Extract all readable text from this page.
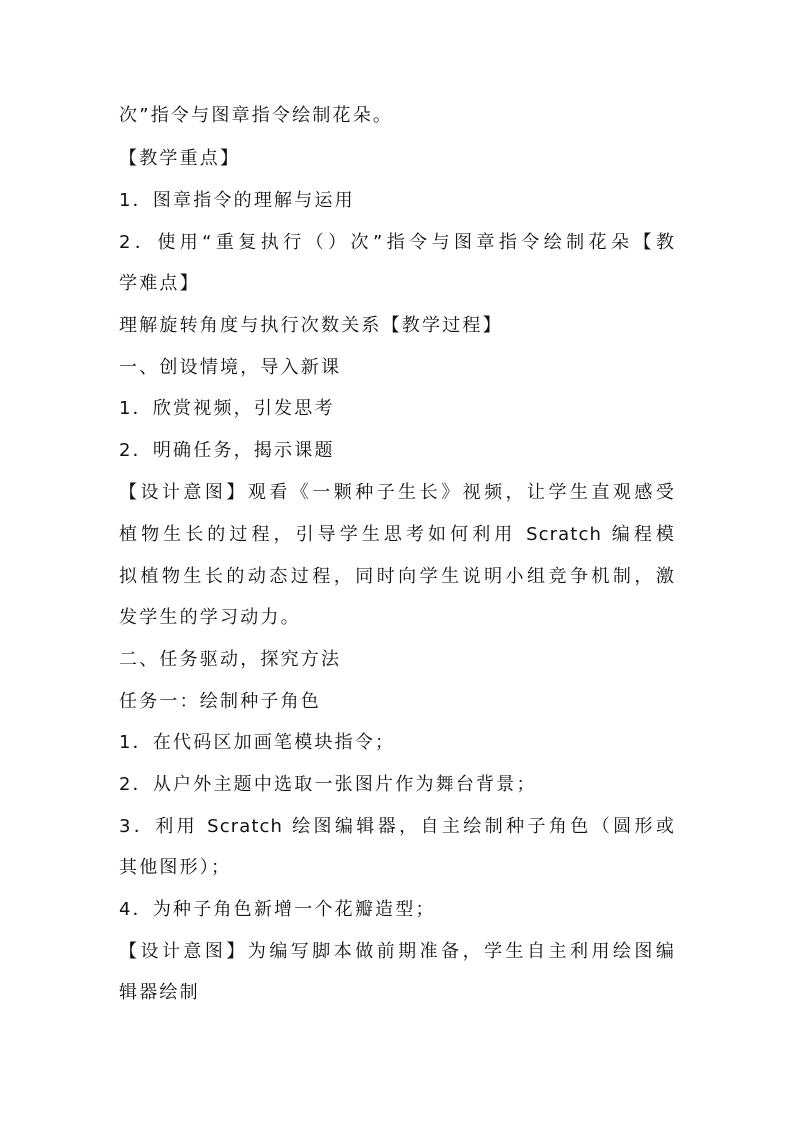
次”指令与图章指令绘制花朵。
【教学重点】
1．图章指令的理解与运用
2．使用“重复执行（）次”指令与图章指令绘制花朵【教
学难点】
理解旋转角度与执行次数关系【教学过程】
一、创设情境，导入新课
1．欣赏视频，引发思考
2．明确任务，揭示课题
【设计意图】观看《一颗种子生长》视频，让学生直观感受
植物生长的过程，引导学生思考如何利用 Scratch 编程模
拟植物生长的动态过程，同时向学生说明小组竞争机制，激
发学生的学习动力。
二、任务驱动，探究方法
任务一：绘制种子角色
1．在代码区加画笔模块指令；
2．从户外主题中选取一张图片作为舞台背景；
3．利用 Scratch 绘图编辑器，自主绘制种子角色（圆形或
其他图形）；
4．为种子角色新增一个花瓣造型；
【设计意图】为编写脚本做前期准备，学生自主利用绘图编
辑器绘制
